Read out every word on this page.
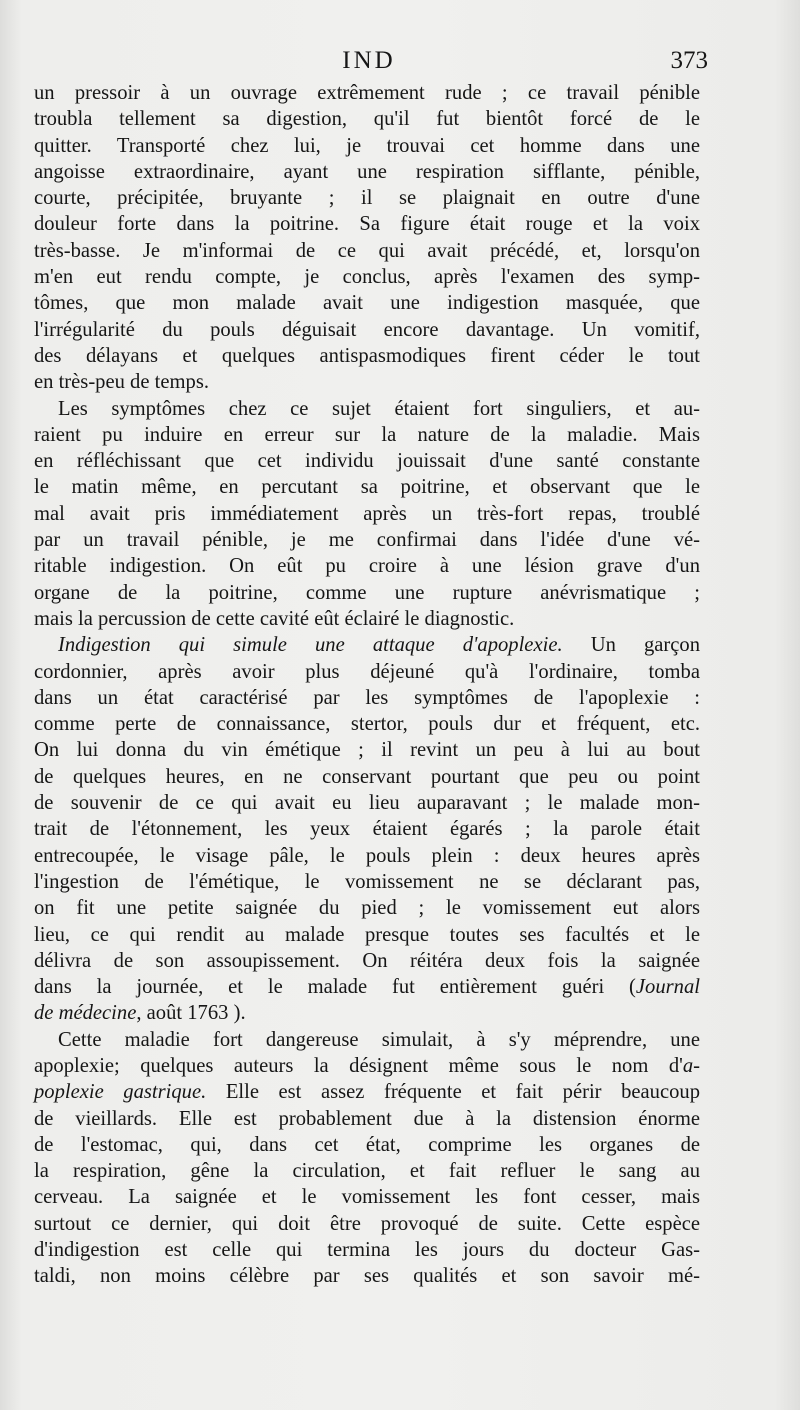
IND	373
un pressoir à un ouvrage extrêmement rude ; ce travail pénible
troubla tellement sa digestion, qu'il fut bientôt forcé de le
quitter. Transporté chez lui, je trouvai cet homme dans une
angoisse extraordinaire, ayant une respiration sifflante, pénible,
courte, précipitée, bruyante ; il se plaignait en outre d'une
douleur forte dans la poitrine. Sa figure était rouge et la voix
très-basse. Je m'informai de ce qui avait précédé, et, lorsqu'on
m'en eut rendu compte, je conclus, après l'examen des symp-
tômes, que mon malade avait une indigestion masquée, que
l'irrégularité du pouls déguisait encore davantage. Un vomitif,
des délayans et quelques antispasmodiques firent céder le tout
en très-peu de temps.
Les symptômes chez ce sujet étaient fort singuliers, et au-
raient pu induire en erreur sur la nature de la maladie. Mais
en réfléchissant que cet individu jouissait d'une santé constante
le matin même, en percutant sa poitrine, et observant que le
mal avait pris immédiatement après un très-fort repas, troublé
par un travail pénible, je me confirmai dans l'idée d'une vé-
ritable indigestion. On eût pu croire à une lésion grave d'un
organe de la poitrine, comme une rupture anévrismatique ;
mais la percussion de cette cavité eût éclairé le diagnostic.
Indigestion qui simule une attaque d'apoplexie. Un garçon
cordonnier, après avoir plus déjeuné qu'à l'ordinaire, tomba
dans un état caractérisé par les symptômes de l'apoplexie :
comme perte de connaissance, stertor, pouls dur et fréquent, etc.
On lui donna du vin émétique ; il revint un peu à lui au bout
de quelques heures, en ne conservant pourtant que peu ou point
de souvenir de ce qui avait eu lieu auparavant ; le malade mon-
trait de l'étonnement, les yeux étaient égarés ; la parole était
entrecoupée, le visage pâle, le pouls plein : deux heures après
l'ingestion de l'émétique, le vomissement ne se déclarant pas,
on fit une petite saignée du pied ; le vomissement eut alors
lieu, ce qui rendit au malade presque toutes ses facultés et le
délivra de son assoupissement. On réitéra deux fois la saignée
dans la journée, et le malade fut entièrement guéri (Journal
de médecine, août 1763 ).
Cette maladie fort dangereuse simulait, à s'y méprendre, une
apoplexie; quelques auteurs la désignent même sous le nom d'a-
poplexie gastrique. Elle est assez fréquente et fait périr beaucoup
de vieillards. Elle est probablement due à la distension énorme
de l'estomac, qui, dans cet état, comprime les organes de
la respiration, gêne la circulation, et fait refluer le sang au
cerveau. La saignée et le vomissement les font cesser, mais
surtout ce dernier, qui doit être provoqué de suite. Cette espèce
d'indigestion est celle qui termina les jours du docteur Gas-
taldi, non moins célèbre par ses qualités et son savoir mé-
